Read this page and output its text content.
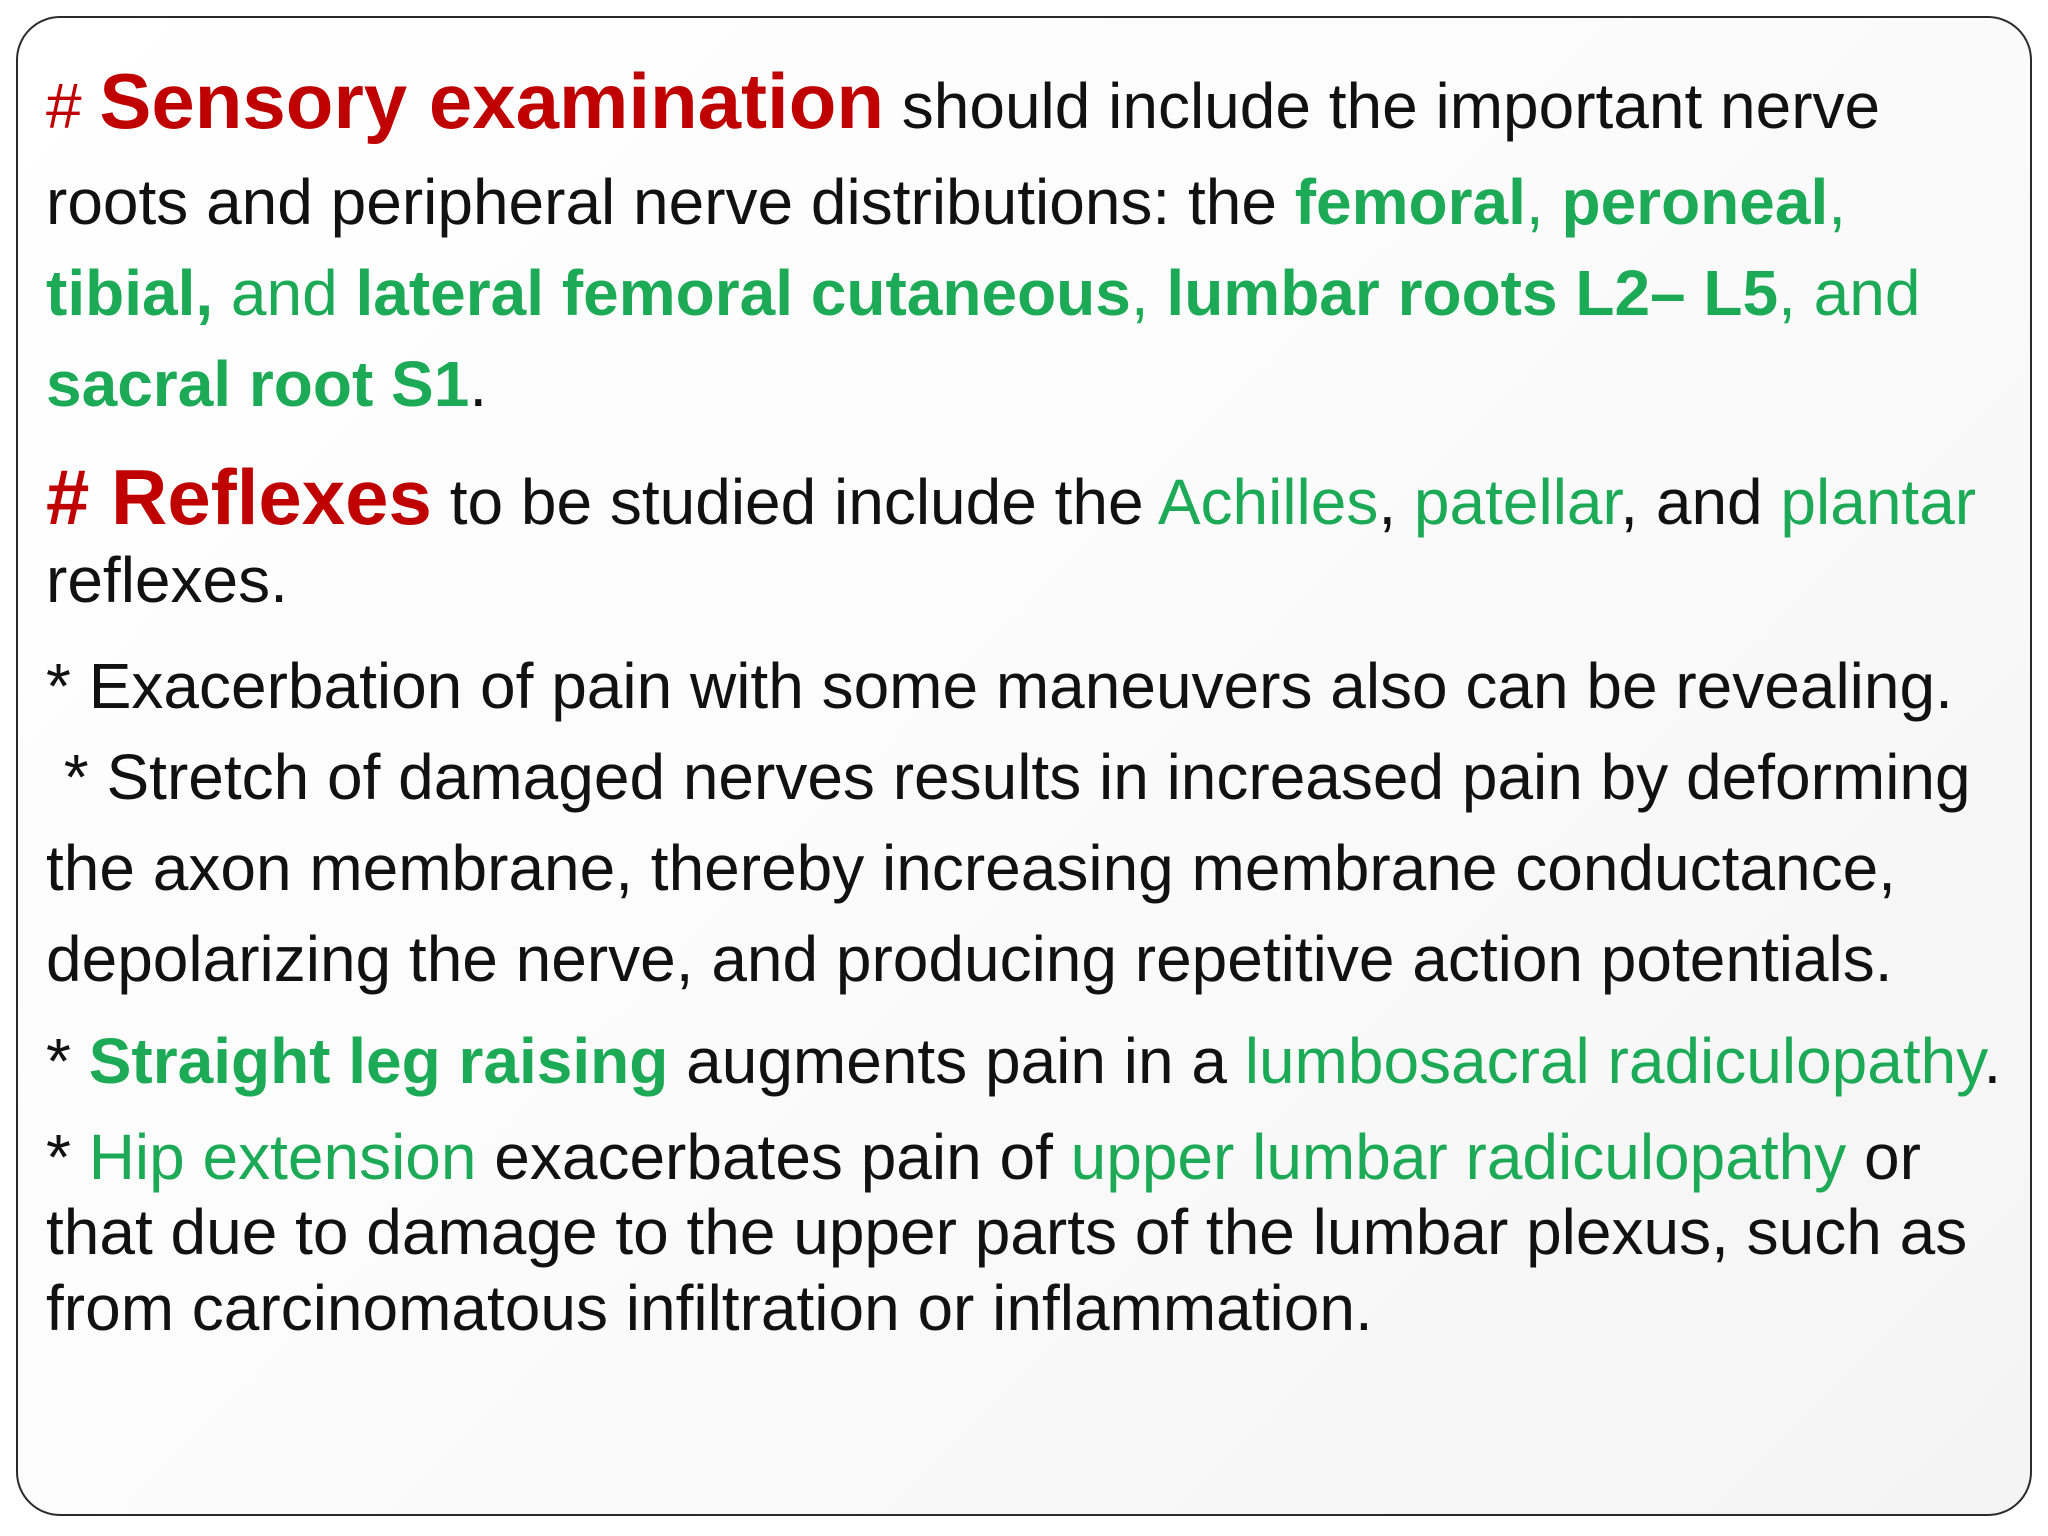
# Sensory examination should include the important nerve roots and peripheral nerve distributions: the femoral, peroneal, tibial, and lateral femoral cutaneous, lumbar roots L2– L5, and sacral root S1.

# Reflexes to be studied include the Achilles, patellar, and plantar reflexes.

* Exacerbation of pain with some maneuvers also can be revealing.

* Stretch of damaged nerves results in increased pain by deforming the axon membrane, thereby increasing membrane conductance, depolarizing the nerve, and producing repetitive action potentials.

* Straight leg raising augments pain in a lumbosacral radiculopathy.

* Hip extension exacerbates pain of upper lumbar radiculopathy or that due to damage to the upper parts of the lumbar plexus, such as from carcinomatous infiltration or inflammation.
